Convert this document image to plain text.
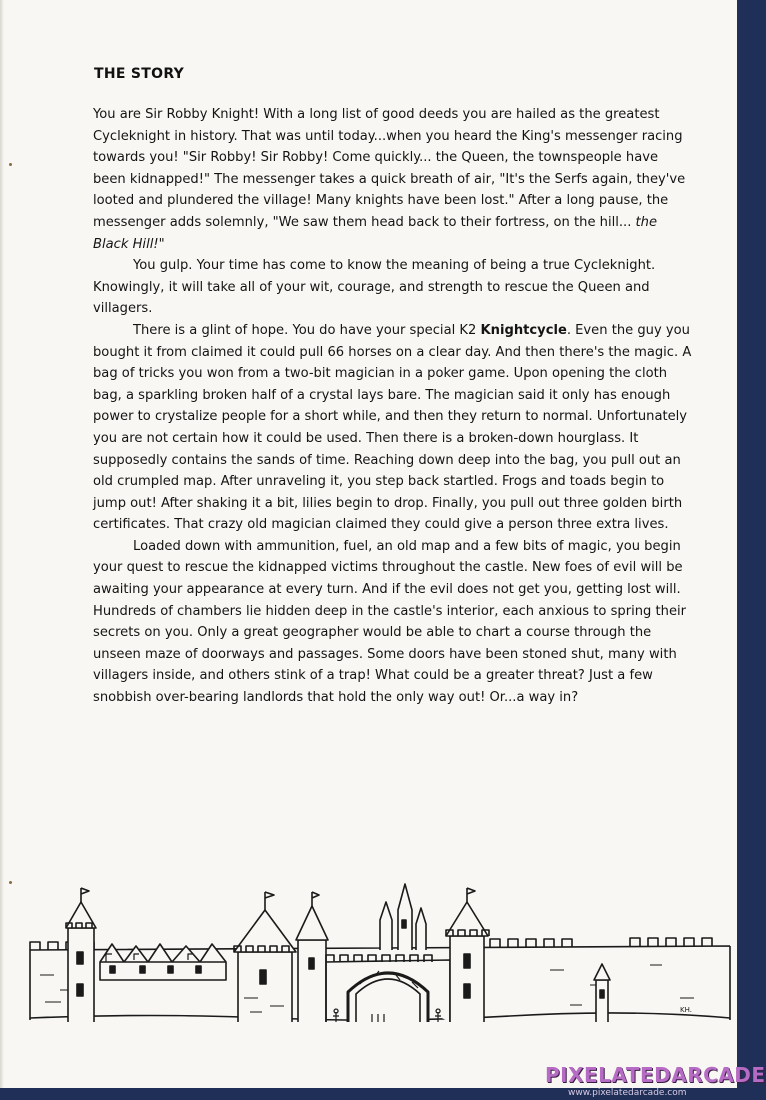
THE STORY

You are Sir Robby Knight! With a long list of good deeds you are hailed as the greatest Cycleknight in history. That was until today...when you heard the King's messenger racing towards you! "Sir Robby! Sir Robby! Come quickly... the Queen, the townspeople have been kidnapped!" The messenger takes a quick breath of air, "It's the Serfs again, they've looted and plundered the village! Many knights have been lost." After a long pause, the messenger adds solemnly, "We saw them head back to their fortress, on the hill... the Black Hill!"

You gulp. Your time has come to know the meaning of being a true Cycleknight. Knowingly, it will take all of your wit, courage, and strength to rescue the Queen and villagers.

There is a glint of hope. You do have your special K2 Knightcycle. Even the guy you bought it from claimed it could pull 66 horses on a clear day. And then there's the magic. A bag of tricks you won from a two-bit magician in a poker game. Upon opening the cloth bag, a sparkling broken half of a crystal lays bare. The magician said it only has enough power to crystalize people for a short while, and then they return to normal. Unfortunately you are not certain how it could be used. Then there is a broken-down hourglass. It supposedly contains the sands of time. Reaching down deep into the bag, you pull out an old crumpled map. After unraveling it, you step back startled. Frogs and toads begin to jump out! After shaking it a bit, lilies begin to drop. Finally, you pull out three golden birth certificates. That crazy old magician claimed they could give a person three extra lives.

Loaded down with ammunition, fuel, an old map and a few bits of magic, you begin your quest to rescue the kidnapped victims throughout the castle. New foes of evil will be awaiting your appearance at every turn. And if the evil does not get you, getting lost will. Hundreds of chambers lie hidden deep in the castle's interior, each anxious to spring their secrets on you. Only a great geographer would be able to chart a course through the unseen maze of doorways and passages. Some doors have been stoned shut, many with villagers inside, and others stink of a trap! What could be a greater threat? Just a few snobbish over-bearing landlords that hold the only way out! Or...a way in?

KH.
PIXELATEDARCADE
www.pixelatedarcade.com
